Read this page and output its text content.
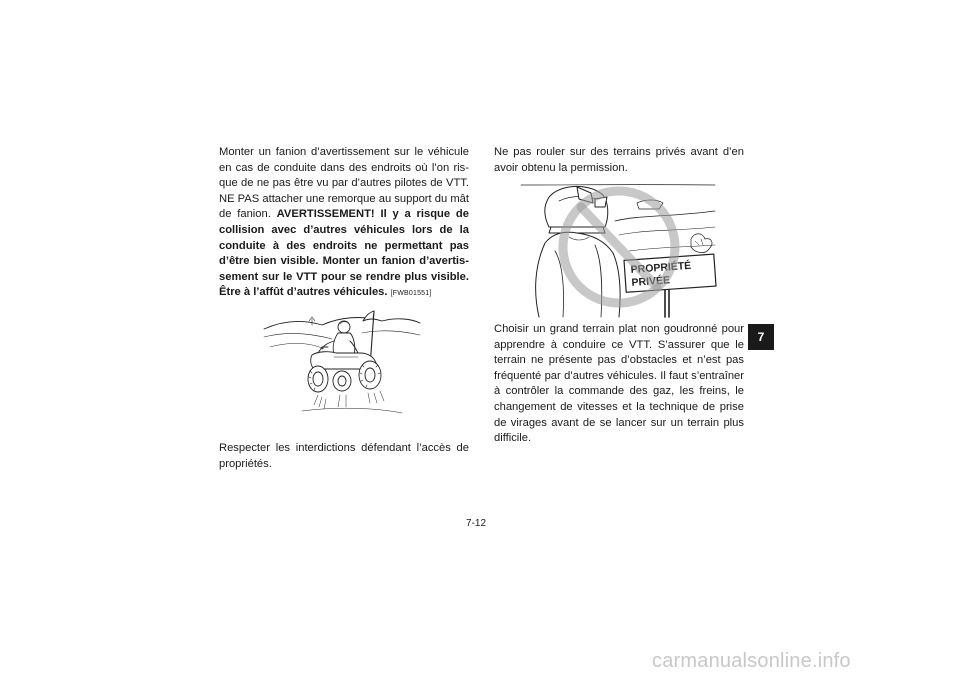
Monter un fanion d’avertissement sur le véhicule en cas de conduite dans des endroits où l’on risque de ne pas être vu par d’autres pilotes de VTT. NE PAS attacher une remorque au support du mât de fanion. AVERTISSEMENT! Il y a risque de collision avec d’autres véhicules lors de la conduite à des endroits ne permettant pas d’être bien visible. Monter un fanion d’avertissement sur le VTT pour se rendre plus visible. Être à l’affût d’autres véhicules. [FWB01551]

Respecter les interdictions défendant l’accès de propriétés.

Ne pas rouler sur des terrains privés avant d’en avoir obtenu la permission.

PROPRIÉTÉ
PRIVÉE

Choisir un grand terrain plat non goudronné pour apprendre à conduire ce VTT. S’assurer que le terrain ne présente pas d’obstacles et n’est pas fréquenté par d’autres véhicules. Il faut s’entraîner à contrôler la commande des gaz, les freins, le changement de vitesses et la technique de prise de virages avant de se lancer sur un terrain plus difficile.

7
7-12
carmanualsonline.info
